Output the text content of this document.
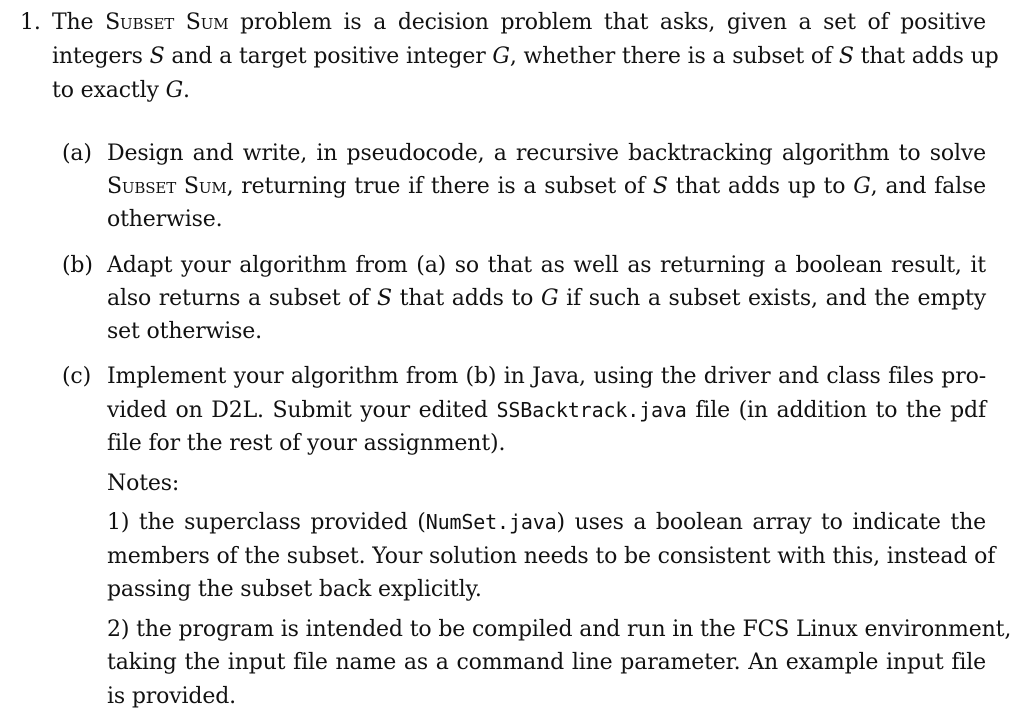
1. The Subset Sum problem is a decision problem that asks, given a set of positive
integers S and a target positive integer G, whether there is a subset of S that adds up
to exactly G.
(a) Design and write, in pseudocode, a recursive backtracking algorithm to solve
Subset Sum, returning true if there is a subset of S that adds up to G, and false
otherwise.
(b) Adapt your algorithm from (a) so that as well as returning a boolean result, it
also returns a subset of S that adds to G if such a subset exists, and the empty
set otherwise.
(c) Implement your algorithm from (b) in Java, using the driver and class files pro-
vided on D2L. Submit your edited SSBacktrack.java file (in addition to the pdf
file for the rest of your assignment).
Notes:
1) the superclass provided (NumSet.java) uses a boolean array to indicate the
members of the subset. Your solution needs to be consistent with this, instead of
passing the subset back explicitly.
2) the program is intended to be compiled and run in the FCS Linux environment,
taking the input file name as a command line parameter. An example input file
is provided.
